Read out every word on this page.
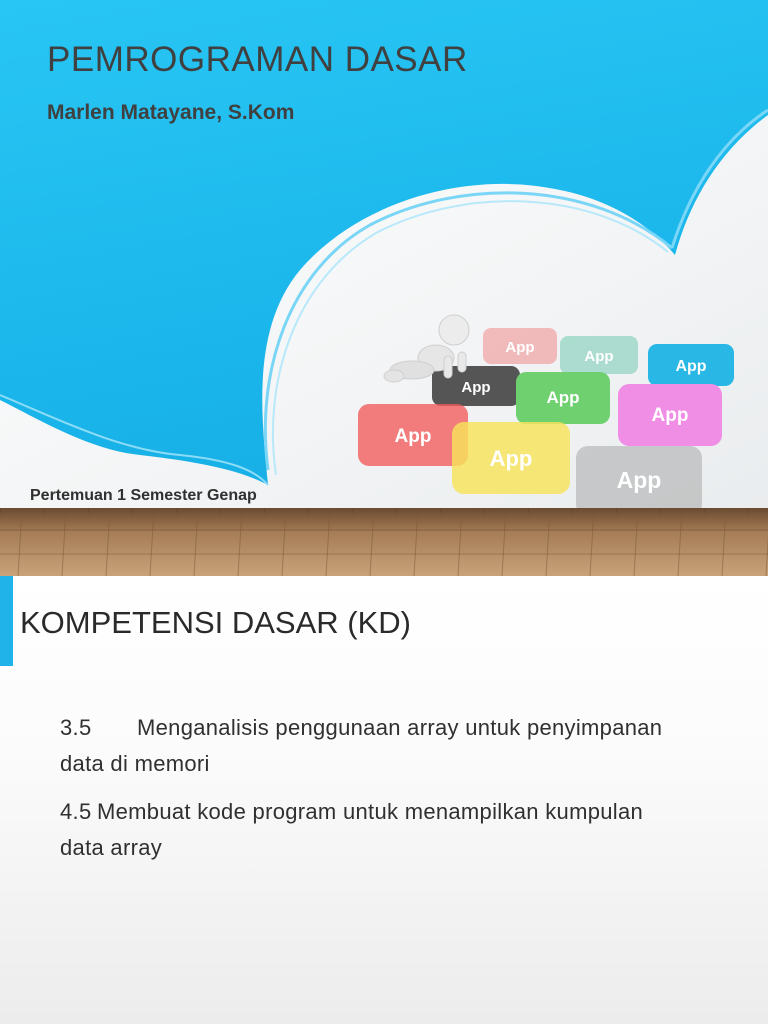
PEMROGRAMAN DASAR
Marlen Matayane, S.Kom
App
App
App
App
App
App
App
App
App

Pertemuan 1 Semester Genap

KOMPETENSI DASAR (KD)
3.5 Menganalisis penggunaan array untuk penyimpanan data di memori
4.5 Membuat kode program untuk menampilkan kumpulan data array
